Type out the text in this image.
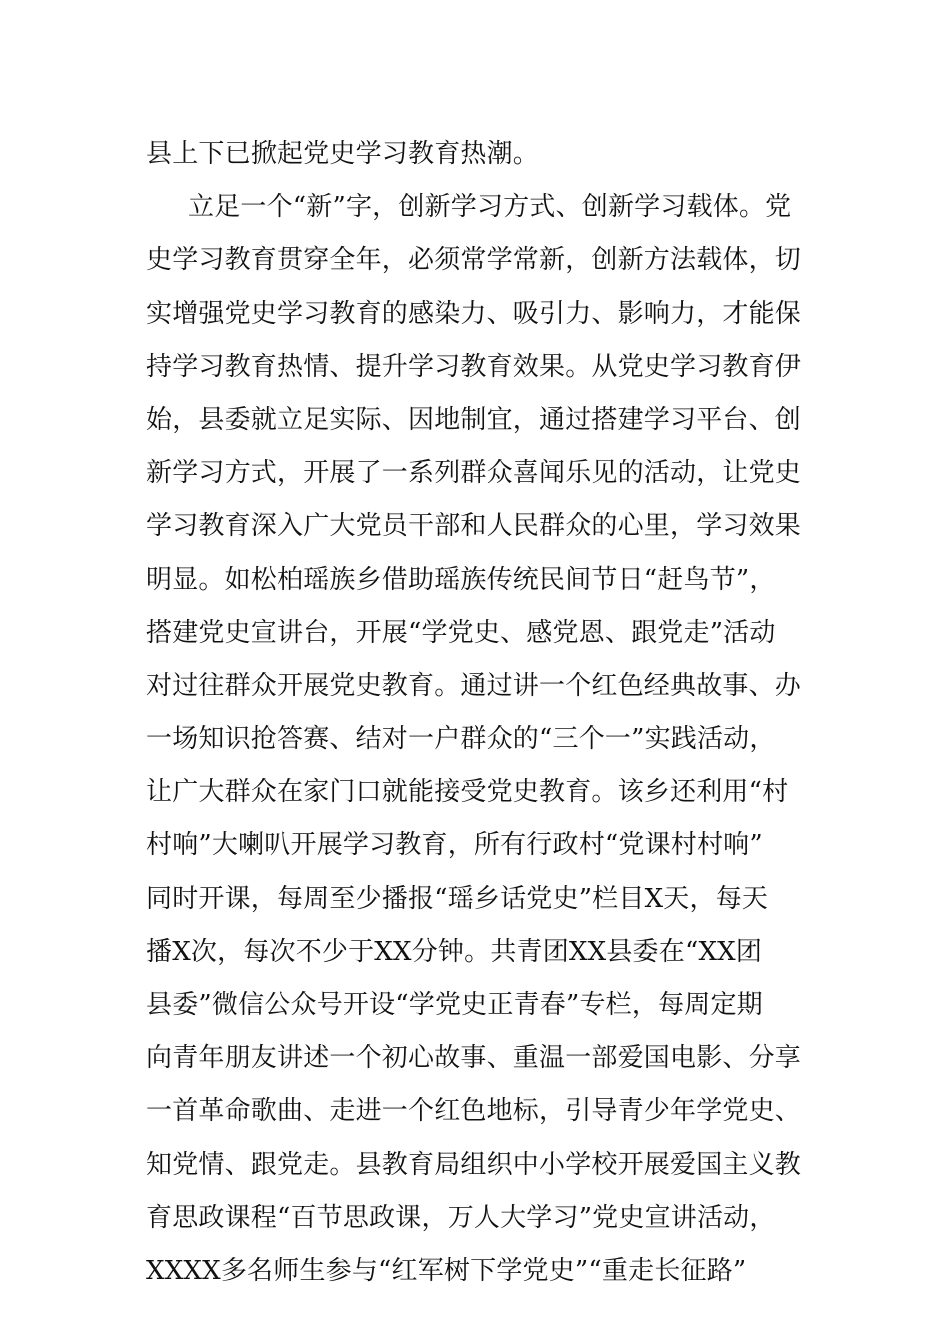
县上下已掀起党史学习教育热潮。
立足一个“新”字，创新学习方式、创新学习载体。党
史学习教育贯穿全年，必须常学常新，创新方法载体，切
实增强党史学习教育的感染力、吸引力、影响力，才能保
持学习教育热情、提升学习教育效果。从党史学习教育伊
始，县委就立足实际、因地制宜，通过搭建学习平台、创
新学习方式，开展了一系列群众喜闻乐见的活动，让党史
学习教育深入广大党员干部和人民群众的心里，学习效果
明显。如松柏瑶族乡借助瑶族传统民间节日“赶鸟节”，
搭建党史宣讲台，开展“学党史、感党恩、跟党走”活动
对过往群众开展党史教育。通过讲一个红色经典故事、办
一场知识抢答赛、结对一户群众的“三个一”实践活动，
让广大群众在家门口就能接受党史教育。该乡还利用“村
村响”大喇叭开展学习教育，所有行政村“党课村村响”
同时开课，每周至少播报“瑶乡话党史”栏目X天，每天
播X次，每次不少于XX分钟。共青团XX县委在“XX团
县委”微信公众号开设“学党史正青春”专栏，每周定期
向青年朋友讲述一个初心故事、重温一部爱国电影、分享
一首革命歌曲、走进一个红色地标，引导青少年学党史、
知党情、跟党走。县教育局组织中小学校开展爱国主义教
育思政课程“百节思政课，万人大学习”党史宣讲活动，
XXXX多名师生参与“红军树下学党史”“重走长征路”
